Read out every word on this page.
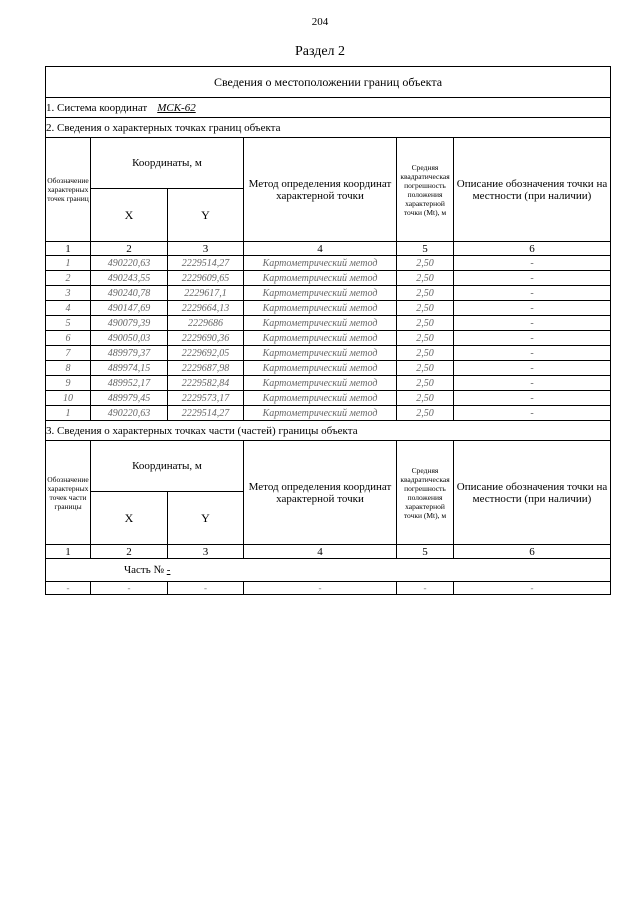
204
Раздел 2
Сведения о местоположении границ объекта					
1. Система координат МСК-62					
2. Сведения о характерных точках границ объекта					
Обозначение характерных точек границ	Координаты, м		Метод определения координат характерной точки	Средняя квадратическая погрешность положения характерной точки (Mt), м	Описание обозначения точки на местности (при наличии)
	X	Y			
1	2	3	4	5	6
1	490220,63	2229514,27	Картометрический метод	2,50	-
2	490243,55	2229609,65	Картометрический метод	2,50	-
3	490240,78	2229617,1	Картометрический метод	2,50	-
4	490147,69	2229664,13	Картометрический метод	2,50	-
5	490079,39	2229686	Картометрический метод	2,50	-
6	490050,03	2229690,36	Картометрический метод	2,50	-
7	489979,37	2229692,05	Картометрический метод	2,50	-
8	489974,15	2229687,98	Картометрический метод	2,50	-
9	489952,17	2229582,84	Картометрический метод	2,50	-
10	489979,45	2229573,17	Картометрический метод	2,50	-
1	490220,63	2229514,27	Картометрический метод	2,50	-
3. Сведения о характерных точках части (частей) границы объекта					
Обозначение характерных точек части границы	Координаты, м		Метод определения координат характерной точки	Средняя квадратическая погрешность положения характерной точки (Mt), м	Описание обозначения точки на местности (при наличии)
	X	Y			
1	2	3	4	5	6
Часть № -					
-	-	-	-	-	-
